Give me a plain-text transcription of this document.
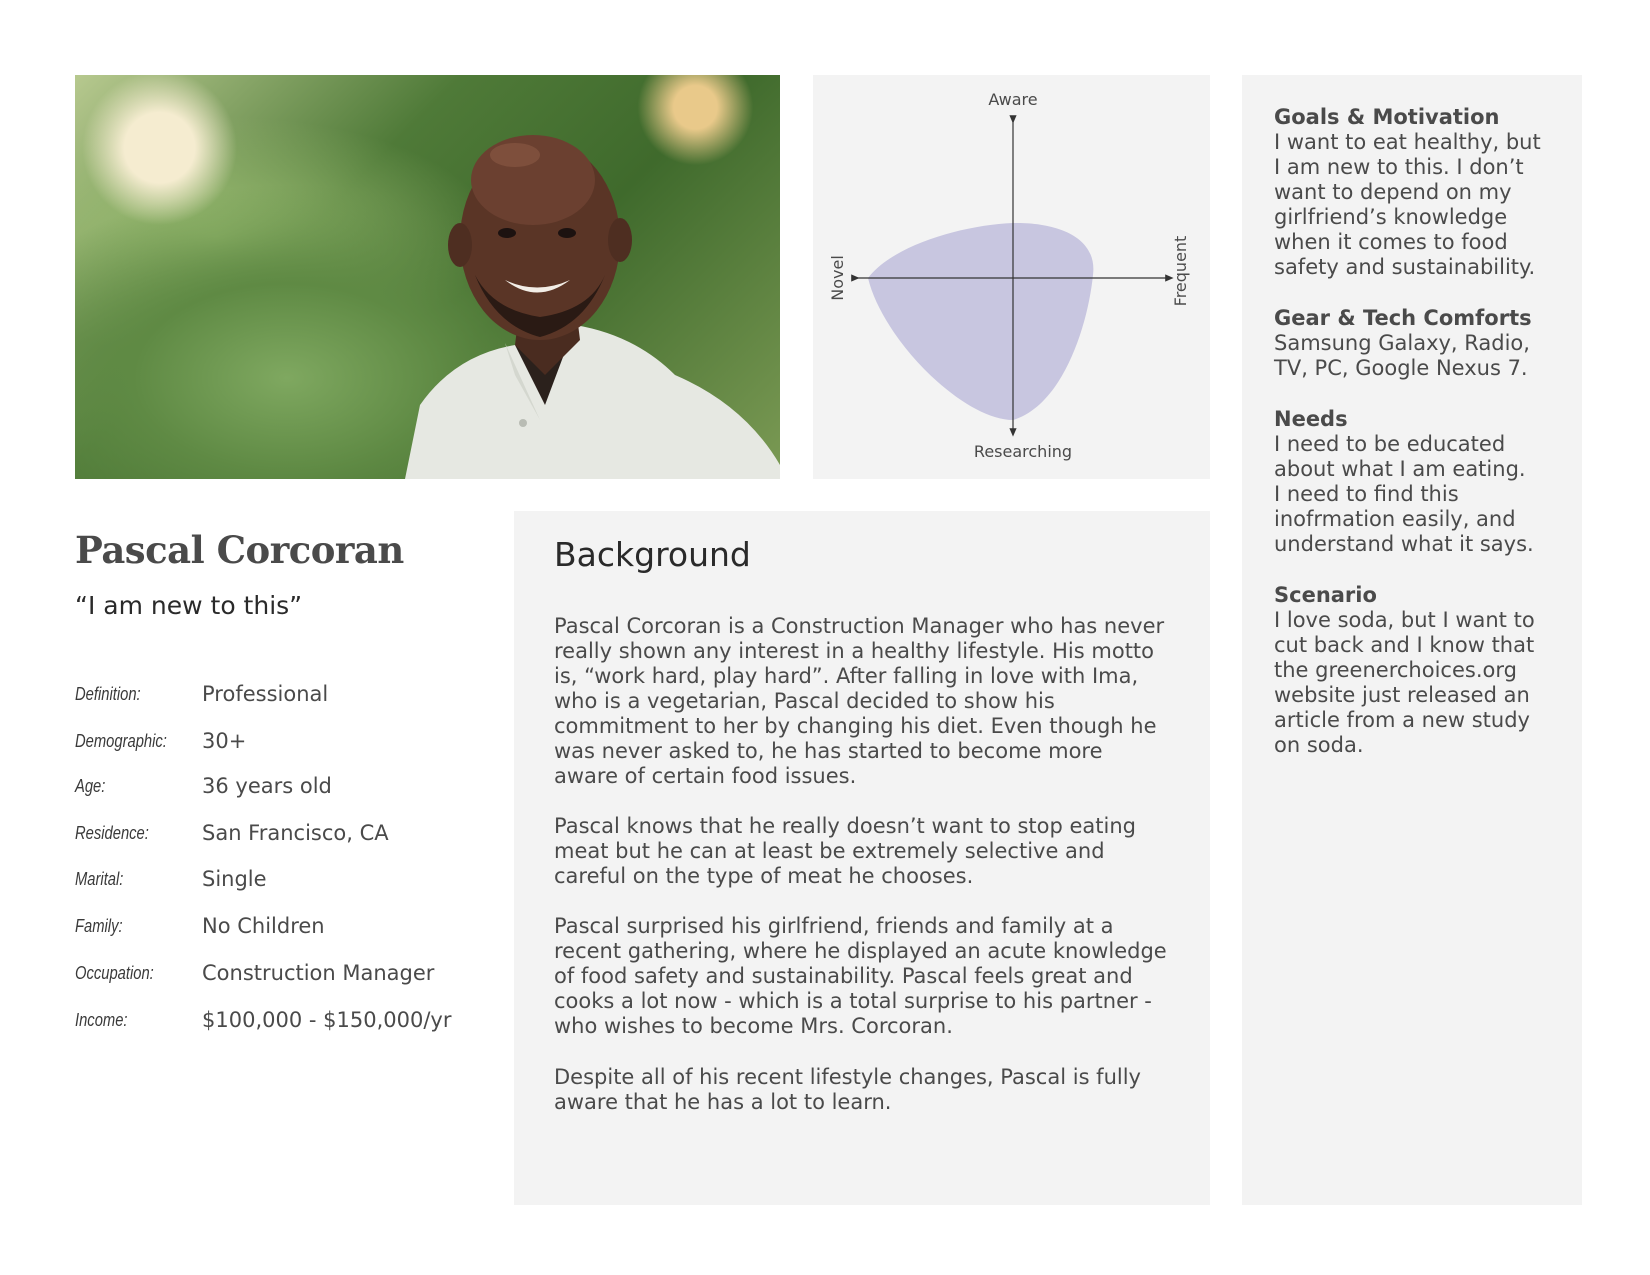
Aware
Researching
Novel	Frequent
Goals & Motivation
I want to eat healthy, but
I am new to this. I don’t
want to depend on my
girlfriend’s knowledge
when it comes to food
safety and sustainability.
Gear & Tech Comforts
Samsung Galaxy, Radio,
TV, PC, Google Nexus 7.
Needs
I need to be educated
about what I am eating.
I need to find this
inofrmation easily, and
understand what it says.
Scenario
I love soda, but I want to
cut back and I know that
the greenerchoices.org
website just released an
article from a new study
on soda.
Pascal Corcoran
“I am new to this”
Definition:	Professional
Demographic: 30+
Age:	36 years old
Residence:	San Francisco, CA
Marital:	Single
Family:	No Children
Occupation: Construction Manager
Income:	$100,000 - $150,000/yr
Background
Pascal Corcoran is a Construction Manager who has never
really shown any interest in a healthy lifestyle. His motto
is, “work hard, play hard”. After falling in love with Ima,
who is a vegetarian, Pascal decided to show his
commitment to her by changing his diet. Even though he
was never asked to, he has started to become more
aware of certain food issues.
Pascal knows that he really doesn’t want to stop eating
meat but he can at least be extremely selective and
careful on the type of meat he chooses.
Pascal surprised his girlfriend, friends and family at a
recent gathering, where he displayed an acute knowledge
of food safety and sustainability. Pascal feels great and
cooks a lot now - which is a total surprise to his partner -
who wishes to become Mrs. Corcoran.
Despite all of his recent lifestyle changes, Pascal is fully
aware that he has a lot to learn.
